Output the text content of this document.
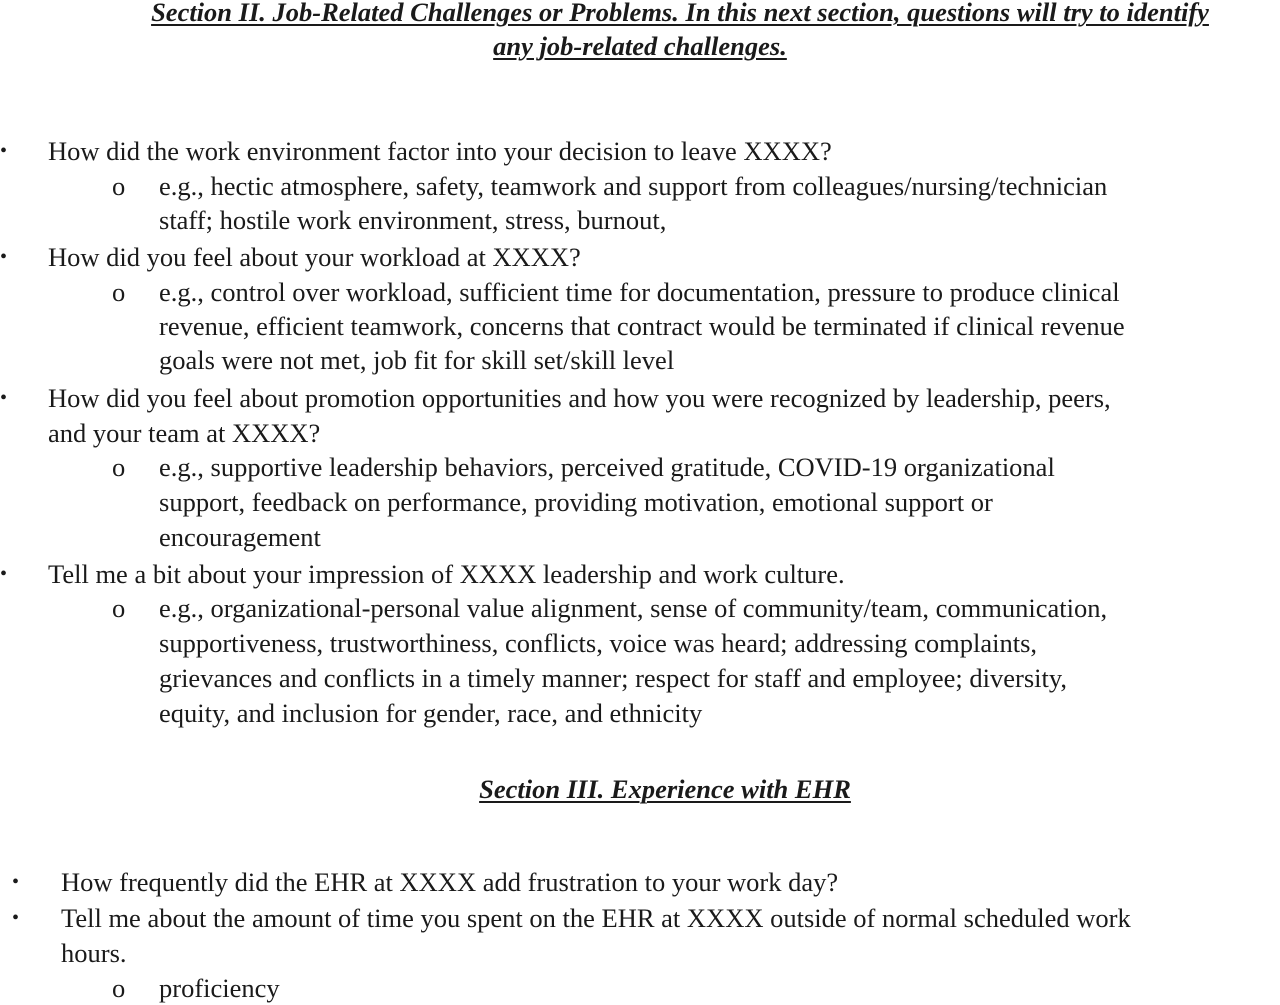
Section II. Job-Related Challenges or Problems. In this next section, questions will try to identify
any job-related challenges.
• How did the work environment factor into your decision to leave XXXX?
o e.g., hectic atmosphere, safety, teamwork and support from colleagues/nursing/technician
staff; hostile work environment, stress, burnout,
• How did you feel about your workload at XXXX?
o e.g., control over workload, sufficient time for documentation, pressure to produce clinical
revenue, efficient teamwork, concerns that contract would be terminated if clinical revenue
goals were not met, job fit for skill set/skill level
• How did you feel about promotion opportunities and how you were recognized by leadership, peers,
and your team at XXXX?
o e.g., supportive leadership behaviors, perceived gratitude, COVID-19 organizational
support, feedback on performance, providing motivation, emotional support or
encouragement
• Tell me a bit about your impression of XXXX leadership and work culture.
o e.g., organizational-personal value alignment, sense of community/team, communication,
supportiveness, trustworthiness, conflicts, voice was heard; addressing complaints,
grievances and conflicts in a timely manner; respect for staff and employee; diversity,
equity, and inclusion for gender, race, and ethnicity
Section III. Experience with EHR
• How frequently did the EHR at XXXX add frustration to your work day?
• Tell me about the amount of time you spent on the EHR at XXXX outside of normal scheduled work
hours.
o proficiency
